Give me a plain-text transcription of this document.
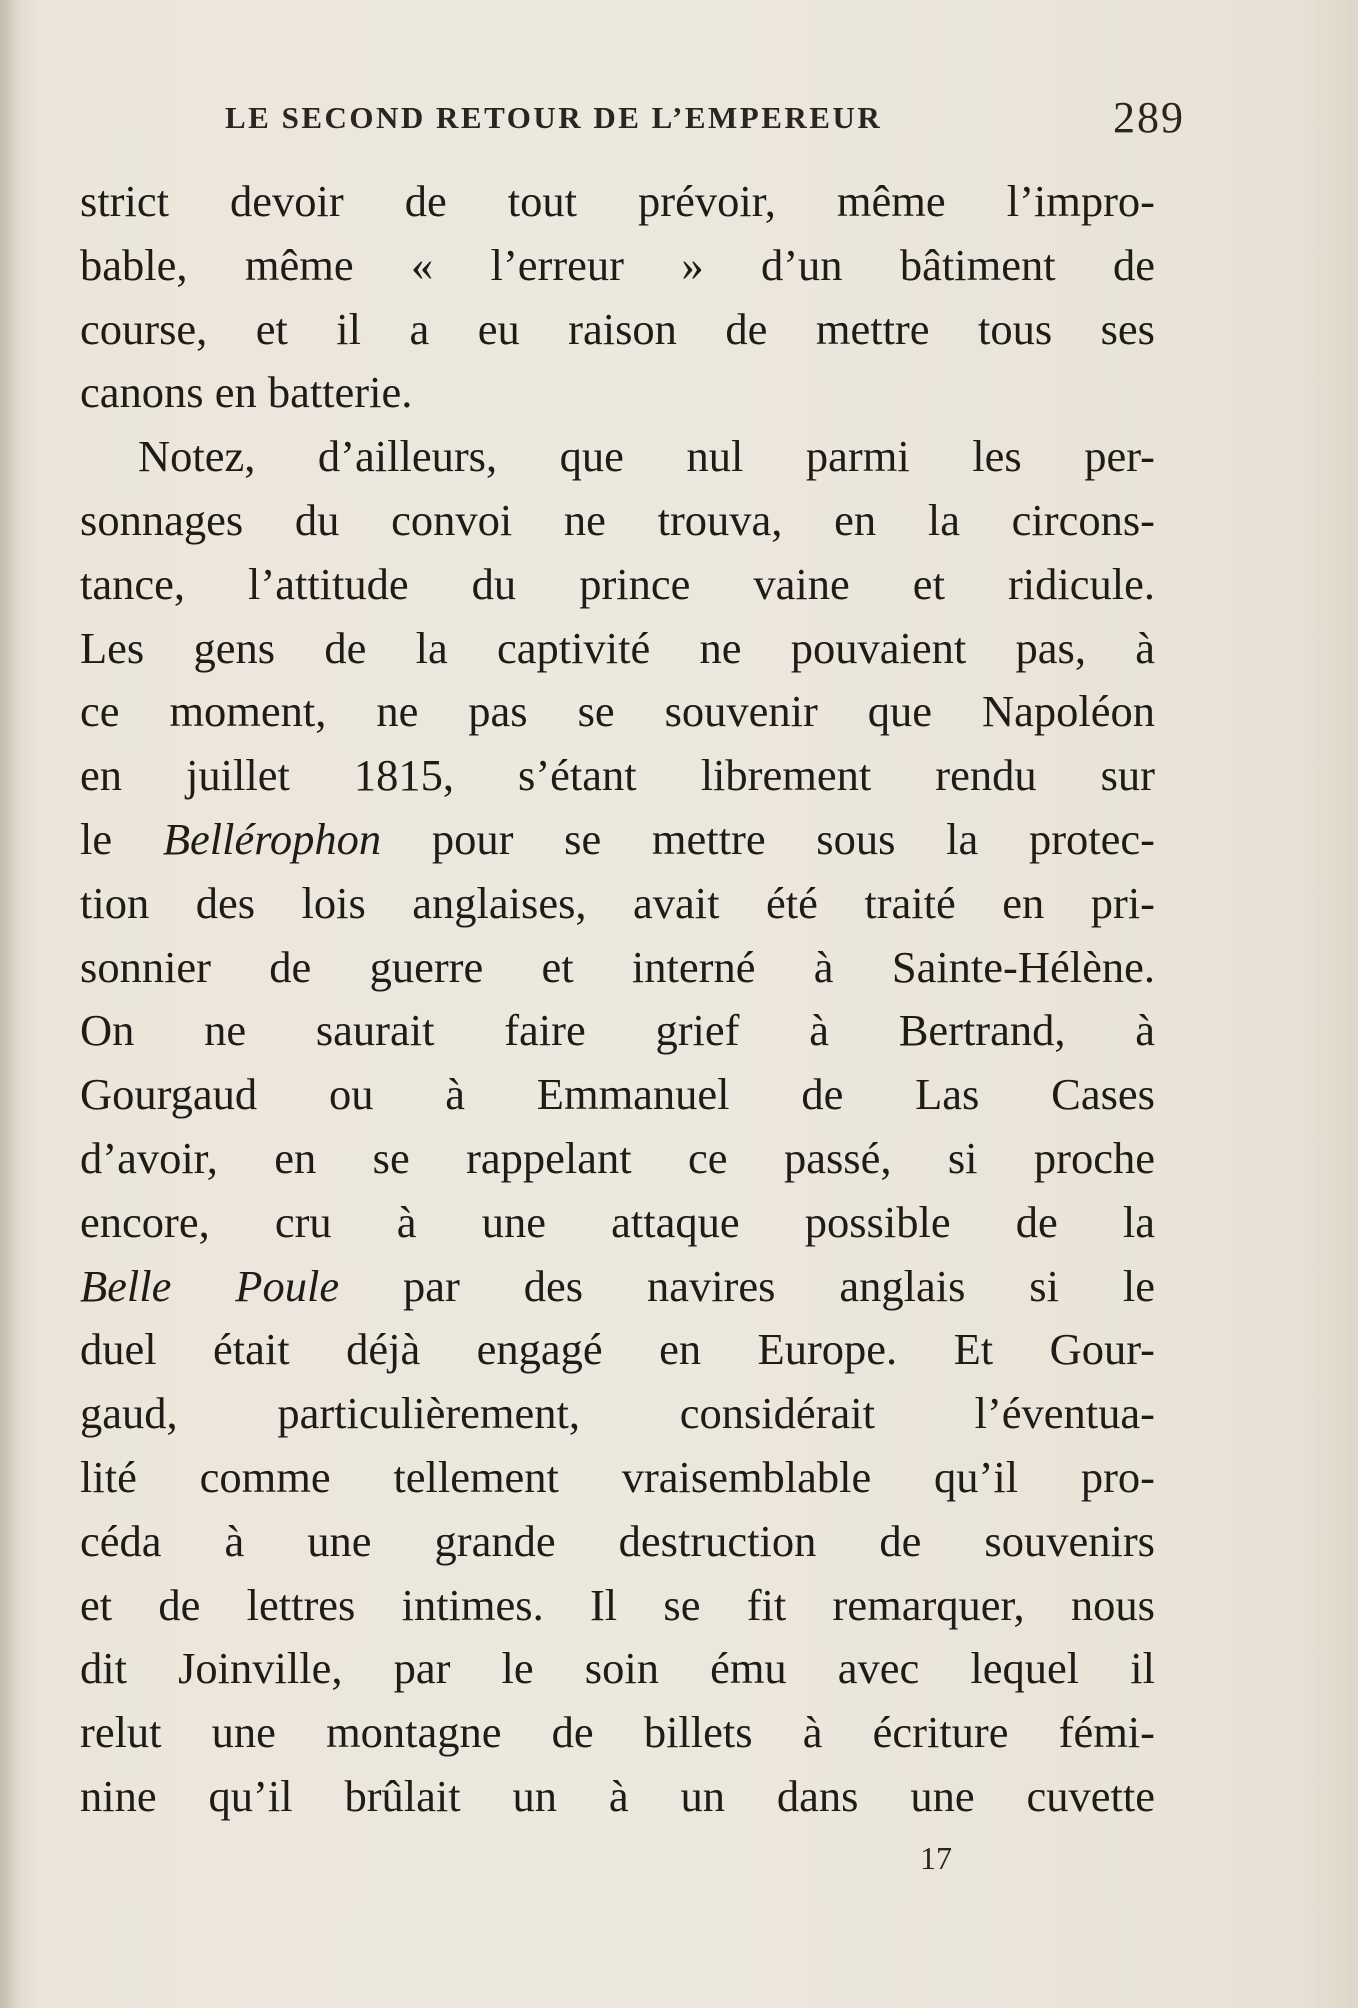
LE SECOND RETOUR DE L’EMPEREUR	289
strict devoir de tout prévoir, même l’impro-
bable, même « l’erreur » d’un bâtiment de
course, et il a eu raison de mettre tous ses
canons en batterie.
Notez, d’ailleurs, que nul parmi les per-
sonnages du convoi ne trouva, en la circons-
tance, l’attitude du prince vaine et ridicule.
Les gens de la captivité ne pouvaient pas, à
ce moment, ne pas se souvenir que Napoléon
en juillet 1815, s’étant librement rendu sur
le Bellérophon pour se mettre sous la protec-
tion des lois anglaises, avait été traité en pri-
sonnier de guerre et interné à Sainte-Hélène.
On ne saurait faire grief à Bertrand, à
Gourgaud ou à Emmanuel de Las Cases
d’avoir, en se rappelant ce passé, si proche
encore, cru à une attaque possible de la
Belle Poule par des navires anglais si le
duel était déjà engagé en Europe. Et Gour-
gaud, particulièrement, considérait l’éventua-
lité comme tellement vraisemblable qu’il pro-
céda à une grande destruction de souvenirs
et de lettres intimes. Il se fit remarquer, nous
dit Joinville, par le soin ému avec lequel il
relut une montagne de billets à écriture fémi-
nine qu’il brûlait un à un dans une cuvette
17
